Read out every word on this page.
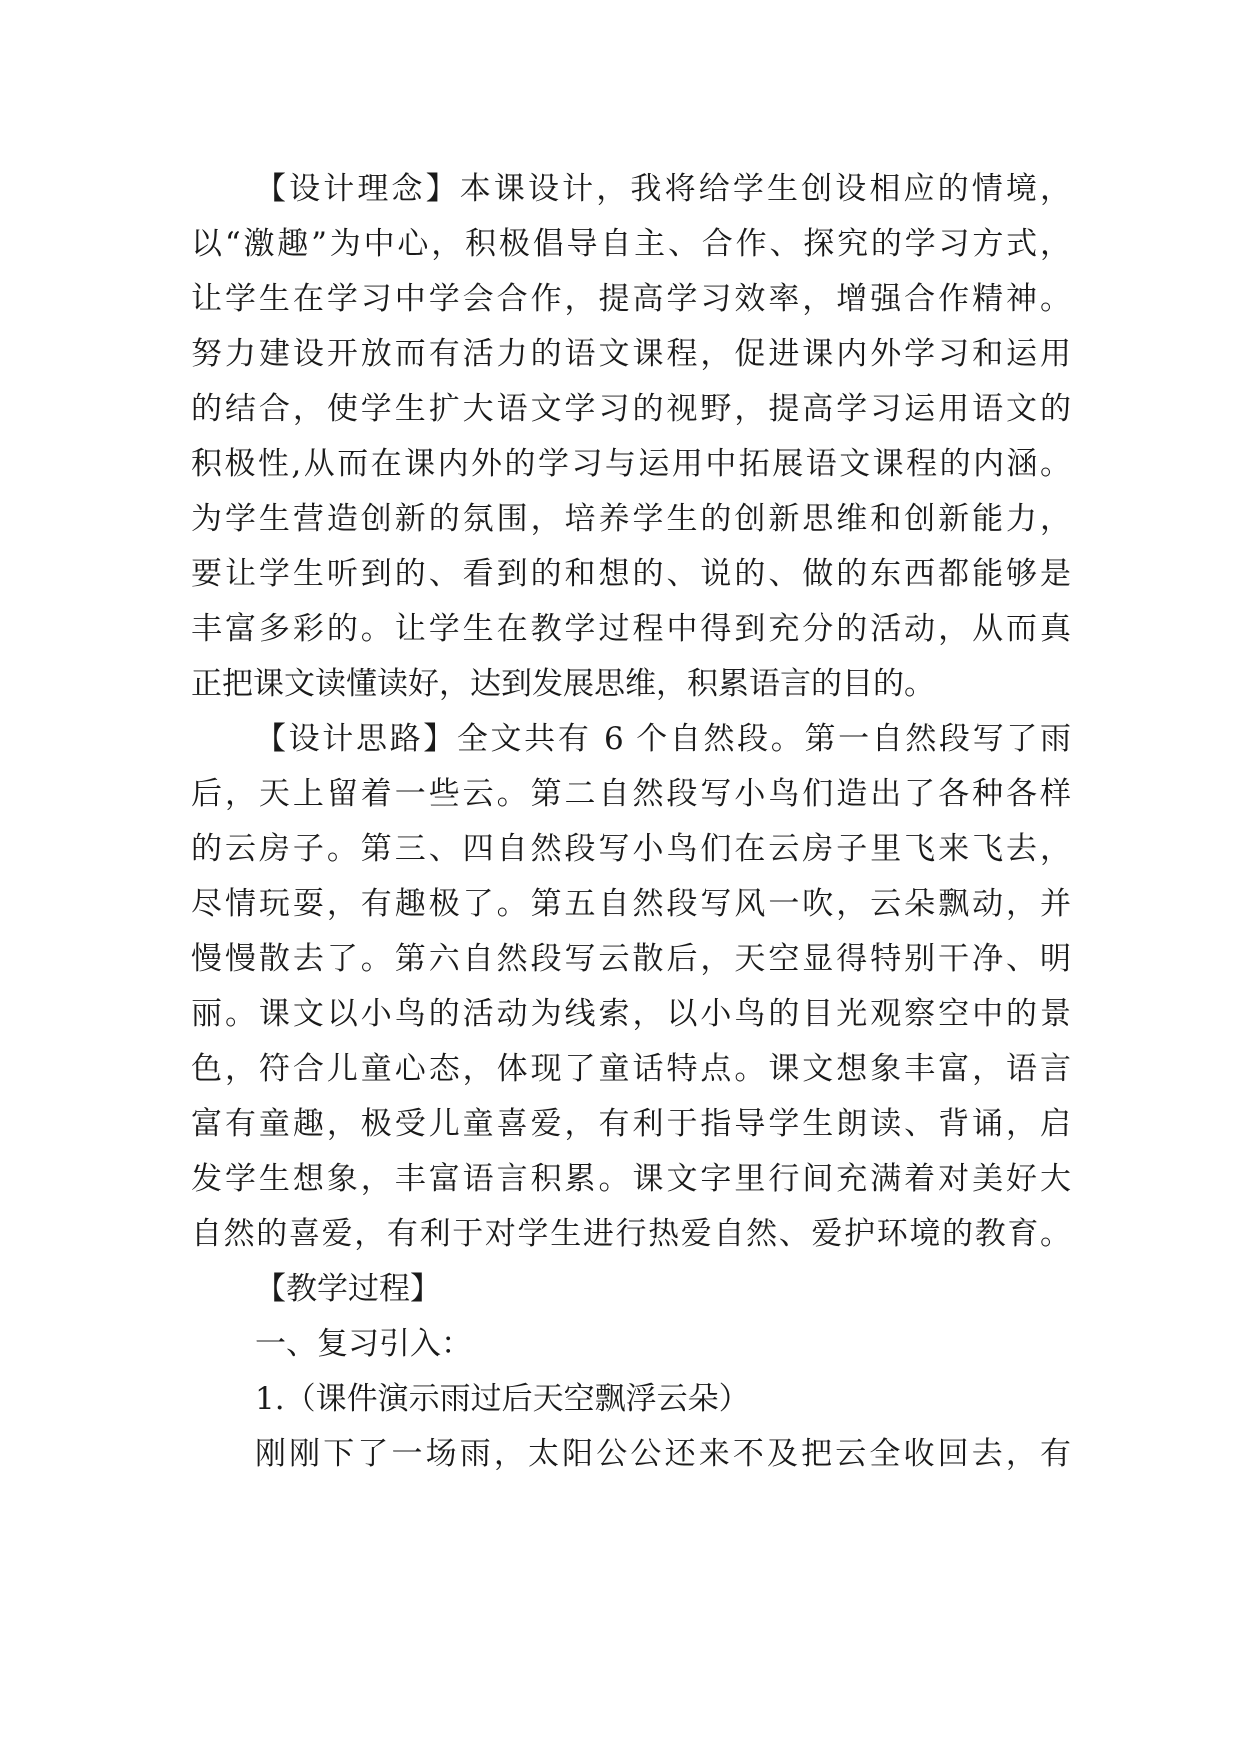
【设计理念】本课设计，我将给学生创设相应的情境，
以“激趣”为中心，积极倡导自主、合作、探究的学习方式，
让学生在学习中学会合作，提高学习效率，增强合作精神。
努力建设开放而有活力的语文课程，促进课内外学习和运用
的结合，使学生扩大语文学习的视野，提高学习运用语文的
积极性,从而在课内外的学习与运用中拓展语文课程的内涵。
为学生营造创新的氛围，培养学生的创新思维和创新能力，
要让学生听到的、看到的和想的、说的、做的东西都能够是
丰富多彩的。让学生在教学过程中得到充分的活动，从而真
正把课文读懂读好，达到发展思维，积累语言的目的。
【设计思路】全文共有 6 个自然段。第一自然段写了雨
后，天上留着一些云。第二自然段写小鸟们造出了各种各样
的云房子。第三、四自然段写小鸟们在云房子里飞来飞去，
尽情玩耍，有趣极了。第五自然段写风一吹，云朵飘动，并
慢慢散去了。第六自然段写云散后，天空显得特别干净、明
丽。课文以小鸟的活动为线索，以小鸟的目光观察空中的景
色，符合儿童心态，体现了童话特点。课文想象丰富，语言
富有童趣，极受儿童喜爱，有利于指导学生朗读、背诵，启
发学生想象，丰富语言积累。课文字里行间充满着对美好大
自然的喜爱，有利于对学生进行热爱自然、爱护环境的教育。
【教学过程】
一、复习引入：
1.（课件演示雨过后天空飘浮云朵）
刚刚下了一场雨，太阳公公还来不及把云全收回去，有
